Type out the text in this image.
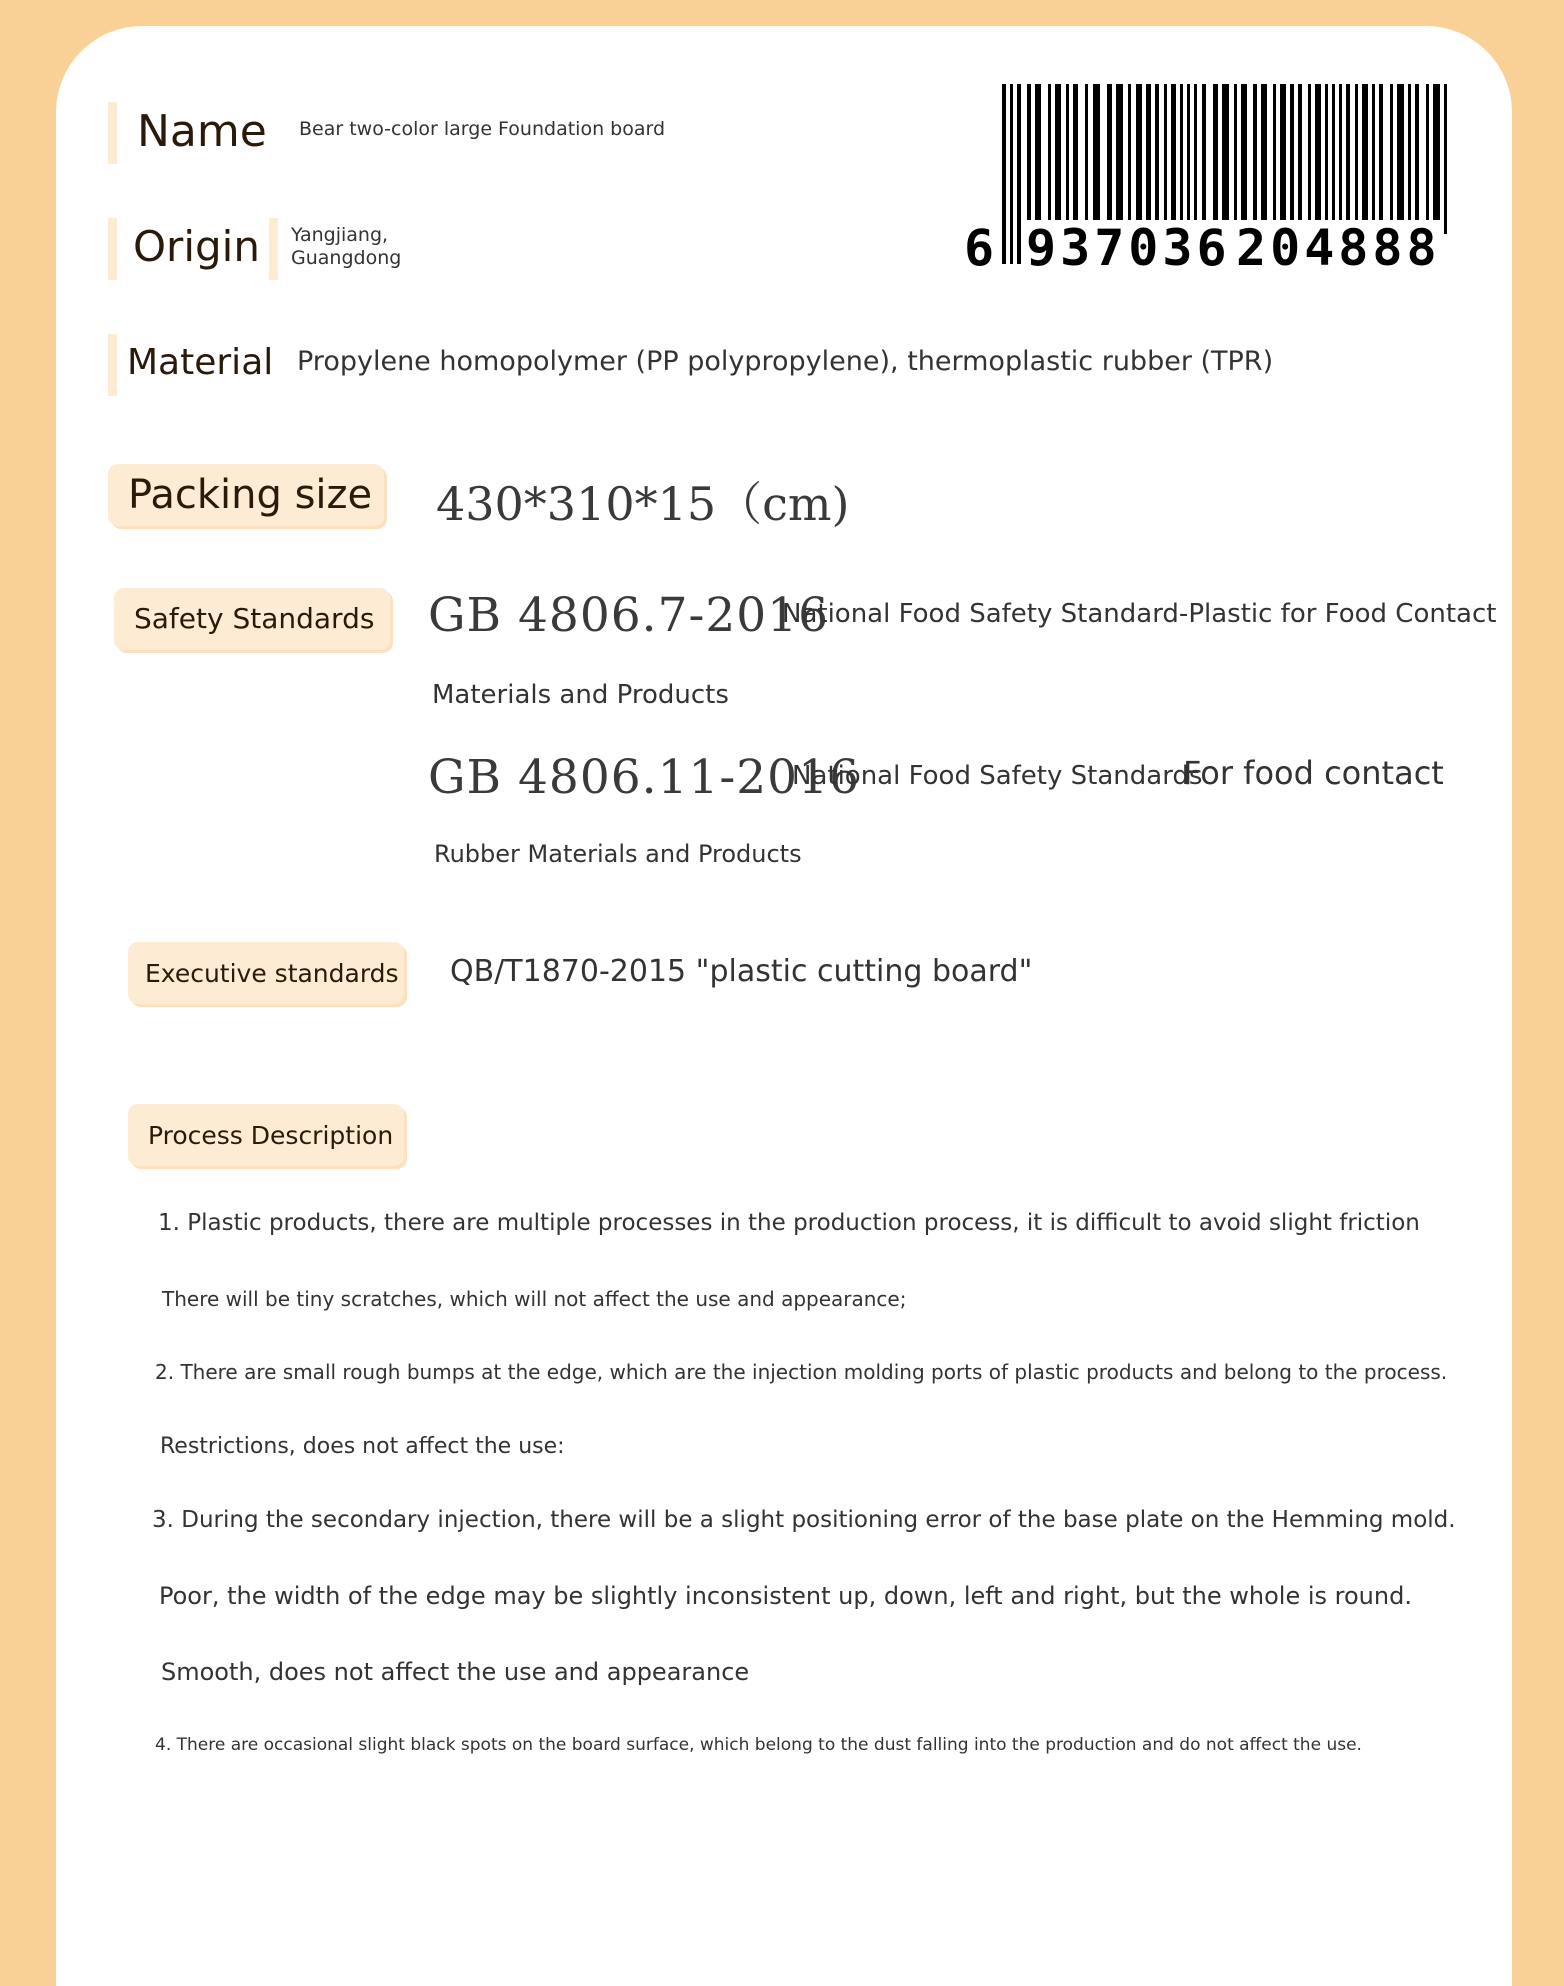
Name Bear two-color large Foundation board
Origin Yangjiang,
Guangdong	6 937036 204888
Material Propylene homopolymer (PP polypropylene), thermoplastic rubber (TPR)
Packing size 430*310*15（cm)
Safety Standards GB 4806.7-2016
National Food Safety Standard-Plastic for Food Contact
Materials and Products
GB 4806.11-2016
National Food Safety Standards
For food contact
Rubber Materials and Products
Executive standards QB/T1870-2015 "plastic cutting board"
Process Description
1. Plastic products, there are multiple processes in the production process, it is difficult to avoid slight friction
There will be tiny scratches, which will not affect the use and appearance;
2. There are small rough bumps at the edge, which are the injection molding ports of plastic products and belong to the process.
Restrictions, does not affect the use:
3. During the secondary injection, there will be a slight positioning error of the base plate on the Hemming mold.
Poor, the width of the edge may be slightly inconsistent up, down, left and right, but the whole is round.
Smooth, does not affect the use and appearance
4. There are occasional slight black spots on the board surface, which belong to the dust falling into the production and do not affect the use.
